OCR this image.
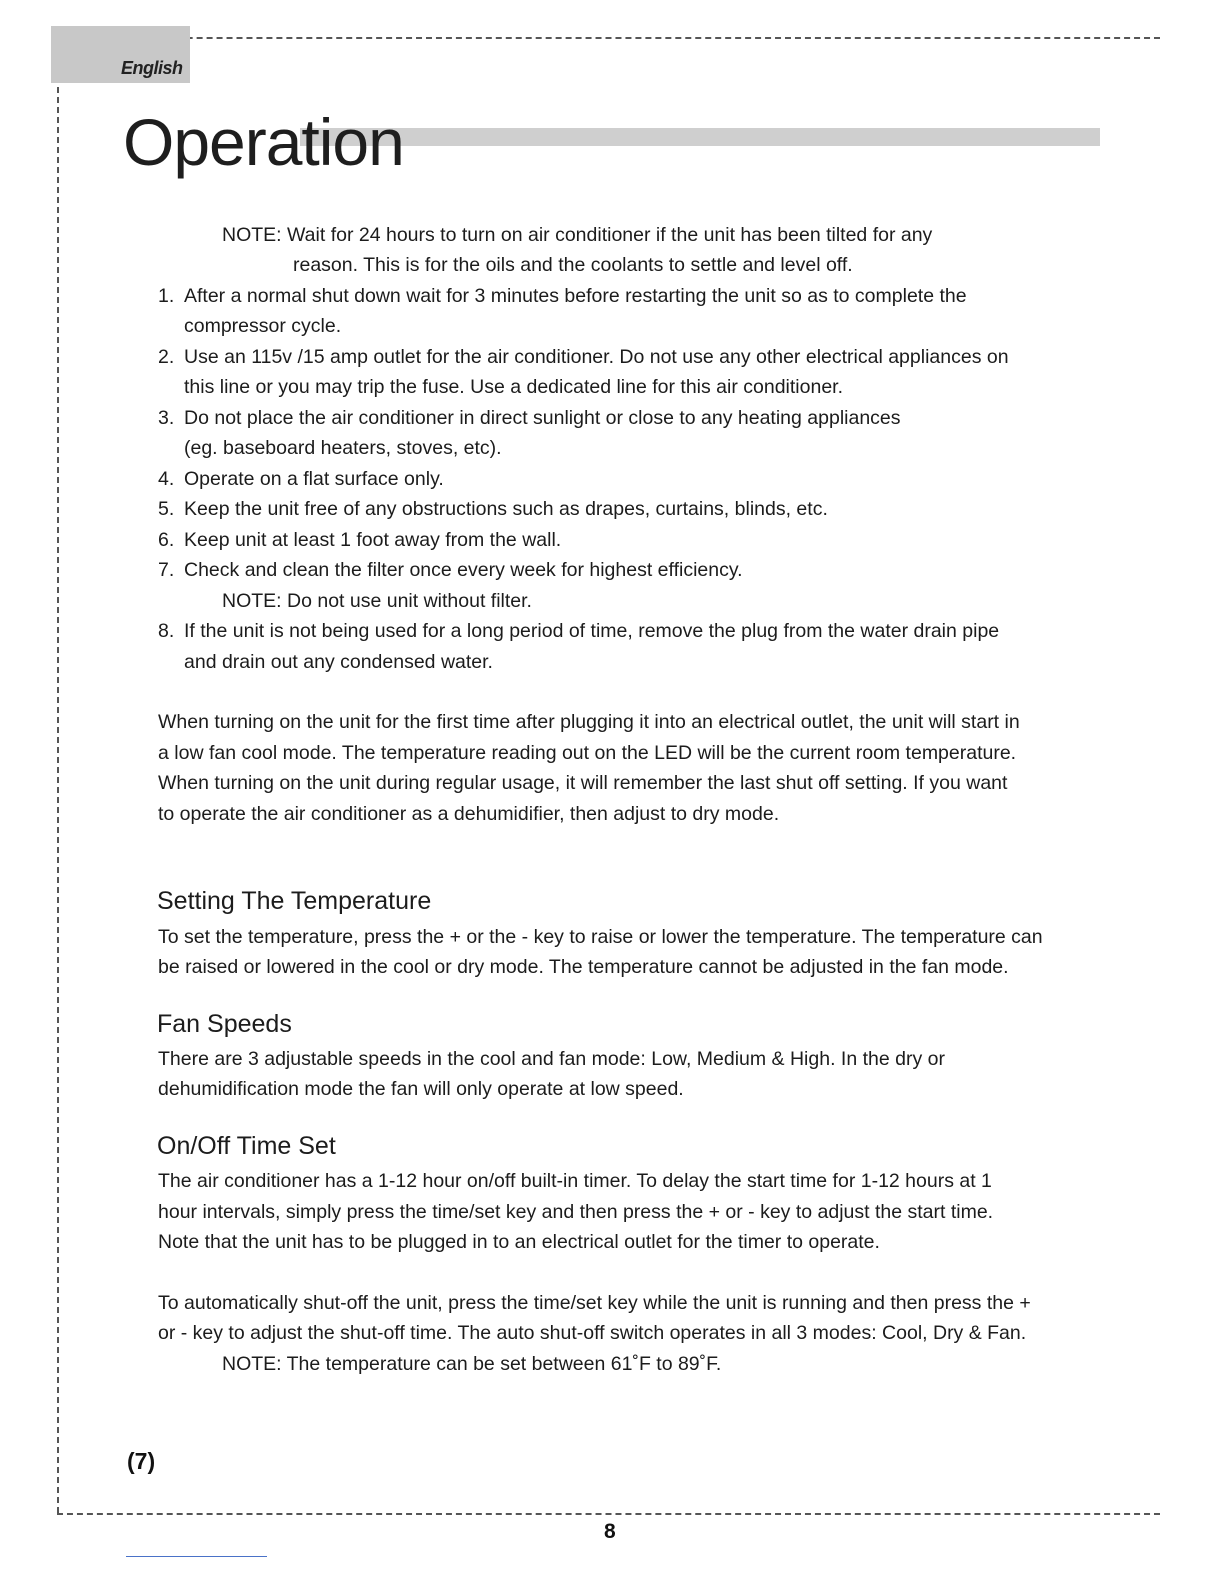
English
Operation
NOTE: Wait for 24 hours to turn on air conditioner if the unit has been tilted for any
reason. This is for the oils and the coolants to settle and level off.
1. After a normal shut down wait for 3 minutes before restarting the unit so as to complete the
compressor cycle.
2. Use an 115v /15 amp outlet for the air conditioner. Do not use any other electrical appliances on
this line or you may trip the fuse. Use a dedicated line for this air conditioner.
3. Do not place the air conditioner in direct sunlight or close to any heating appliances
(eg. baseboard heaters, stoves, etc).
4. Operate on a flat surface only.
5. Keep the unit free of any obstructions such as drapes, curtains, blinds, etc.
6. Keep unit at least 1 foot away from the wall.
7. Check and clean the filter once every week for highest efficiency.
NOTE: Do not use unit without filter.
8. If the unit is not being used for a long period of time, remove the plug from the water drain pipe
and drain out any condensed water.
When turning on the unit for the first time after plugging it into an electrical outlet, the unit will start in
a low fan cool mode. The temperature reading out on the LED will be the current room temperature.
When turning on the unit during regular usage, it will remember the last shut off setting. If you want
to operate the air conditioner as a dehumidifier, then adjust to dry mode.
Setting The Temperature
To set the temperature, press the + or the - key to raise or lower the temperature. The temperature can
be raised or lowered in the cool or dry mode. The temperature cannot be adjusted in the fan mode.
Fan Speeds
There are 3 adjustable speeds in the cool and fan mode: Low, Medium & High. In the dry or
dehumidification mode the fan will only operate at low speed.
On/Off Time Set
The air conditioner has a 1-12 hour on/off built-in timer. To delay the start time for 1-12 hours at 1
hour intervals, simply press the time/set key and then press the + or - key to adjust the start time.
Note that the unit has to be plugged in to an electrical outlet for the timer to operate.
To automatically shut-off the unit, press the time/set key while the unit is running and then press the +
or - key to adjust the shut-off time. The auto shut-off switch operates in all 3 modes: Cool, Dry & Fan.
NOTE: The temperature can be set between 61˚F to 89˚F.
(7)
8
